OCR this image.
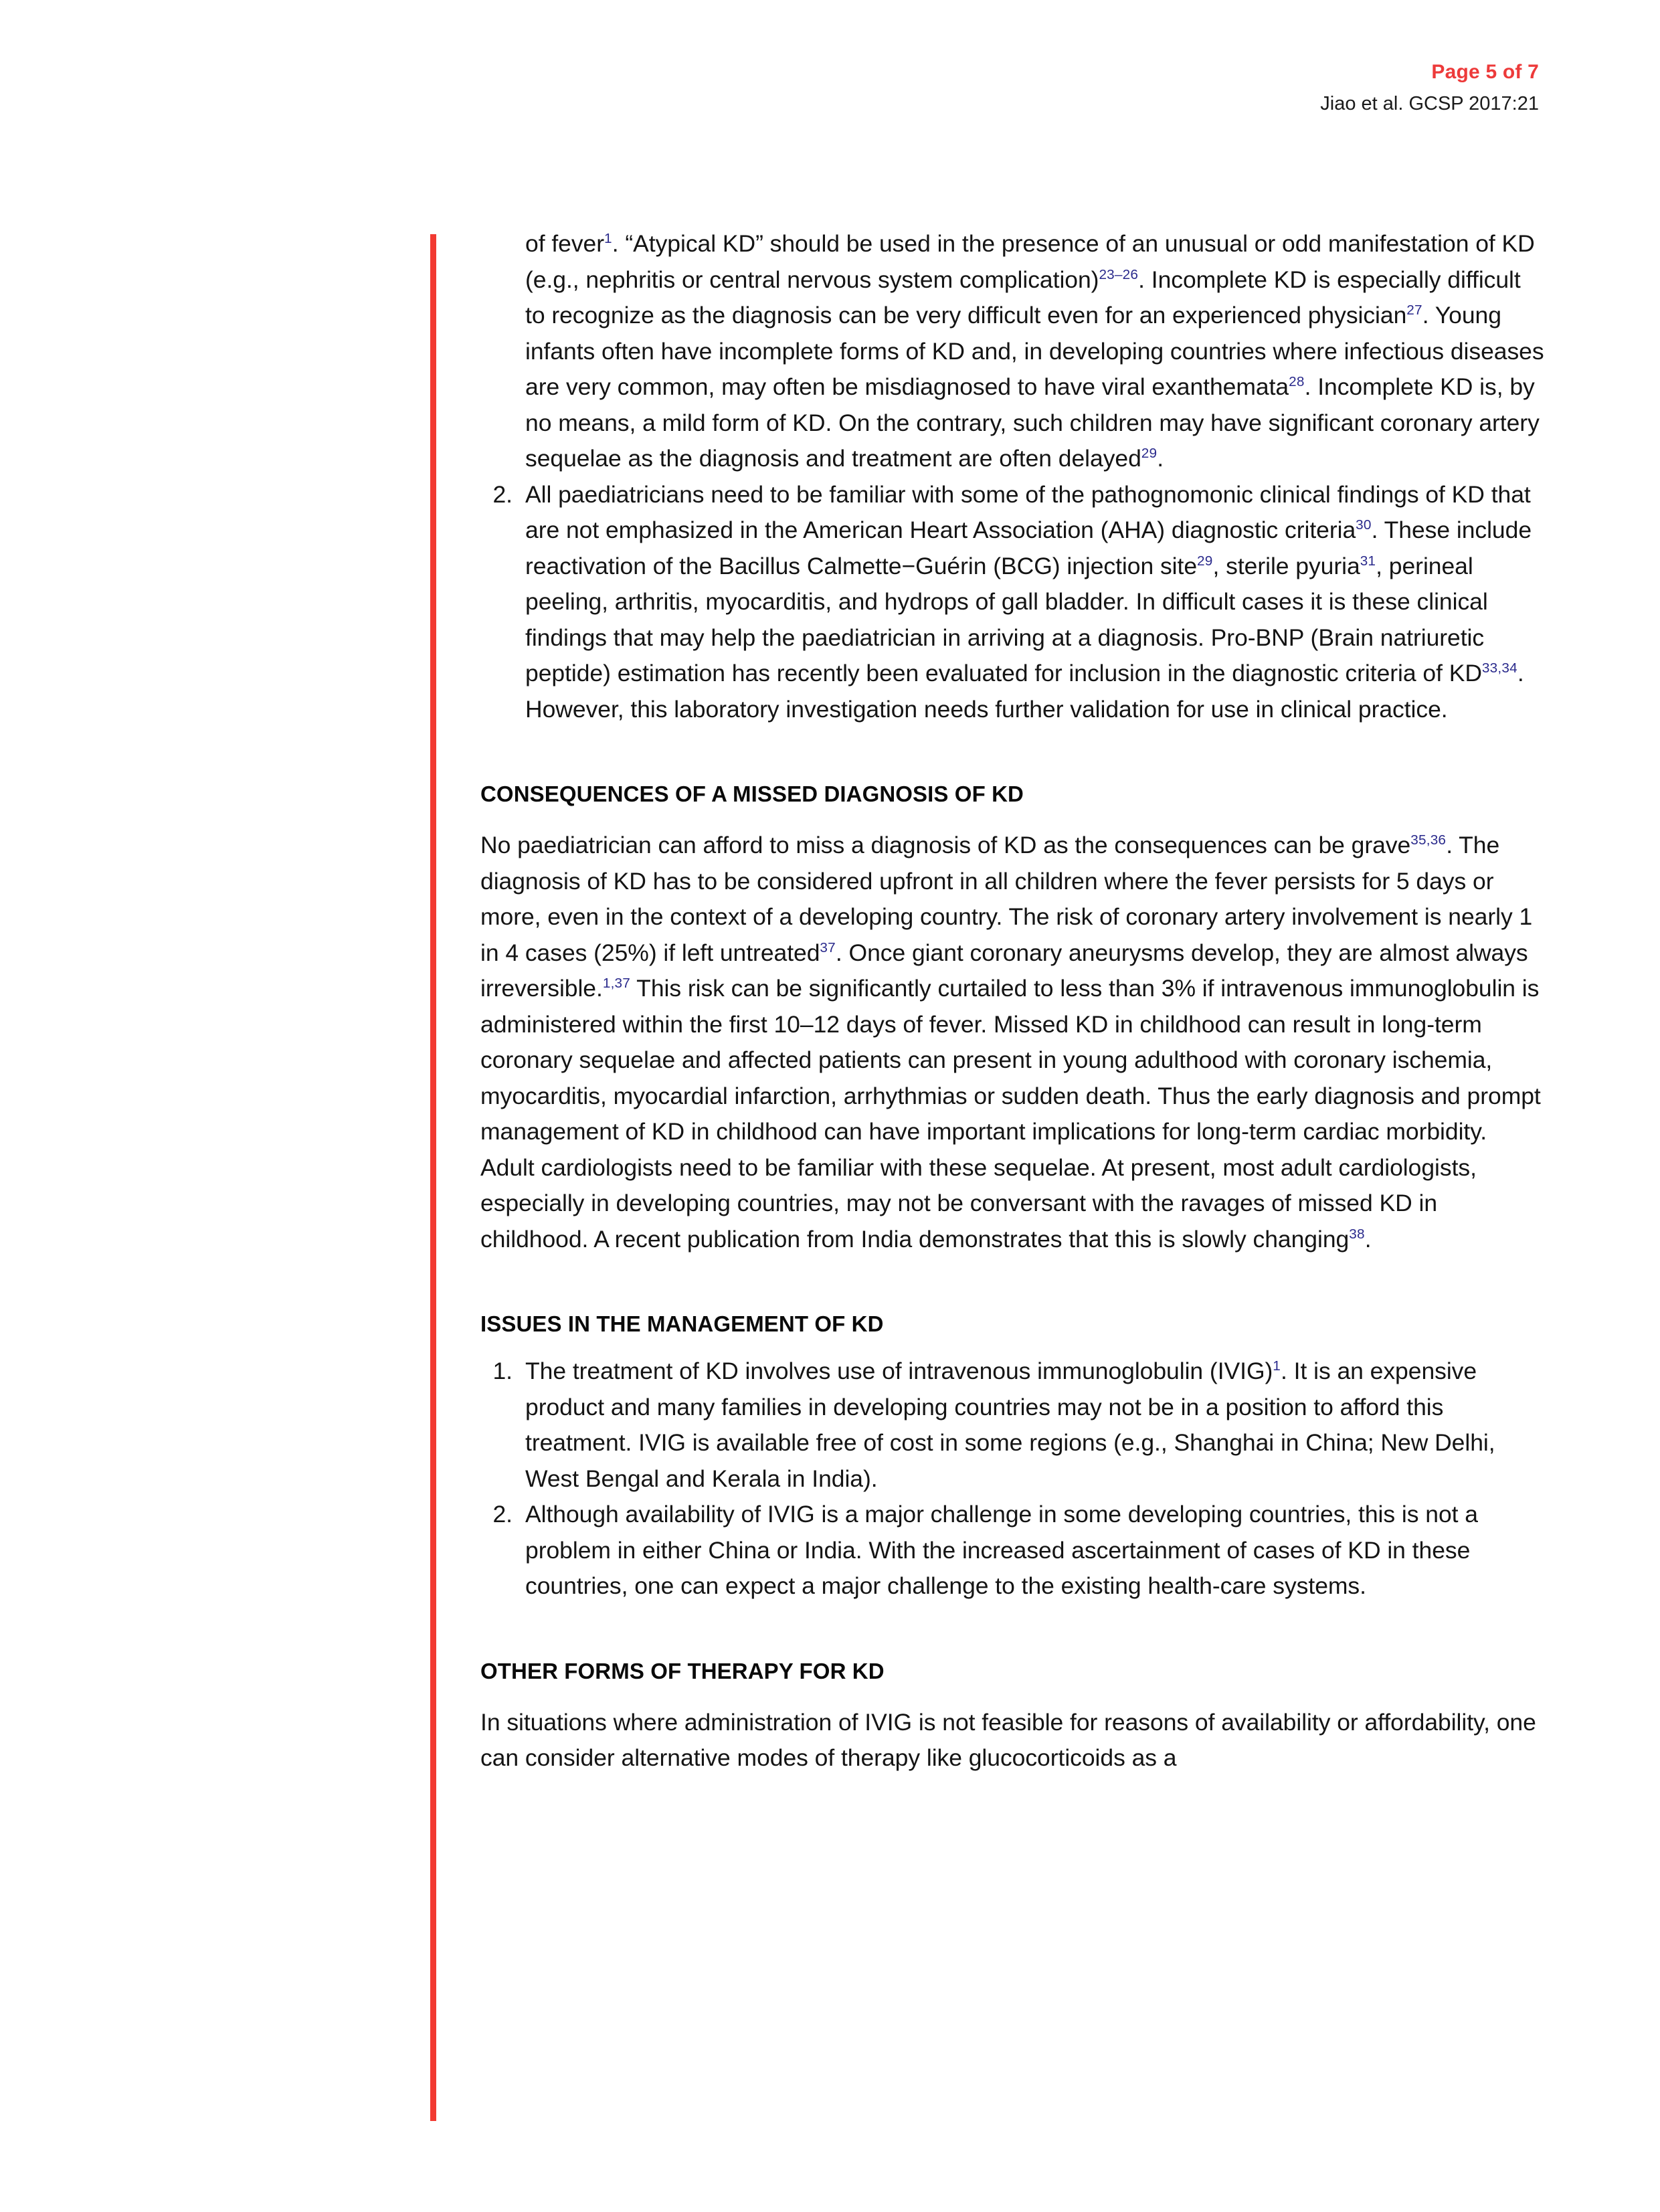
Page 5 of 7
Jiao et al. GCSP 2017:21

of fever$^1$. “Atypical KD” should be used in the presence of an unusual or odd manifestation of KD (e.g., nephritis or central nervous system complication)$^{23-26}$. Incomplete KD is especially difficult to recognize as the diagnosis can be very difficult even for an experienced physician$^{27}$. Young infants often have incomplete forms of KD and, in developing countries where infectious diseases are very common, may often be misdiagnosed to have viral exanthemata$^{28}$. Incomplete KD is, by no means, a mild form of KD. On the contrary, such children may have significant coronary artery sequelae as the diagnosis and treatment are often delayed$^{29}$.

2. All paediatricians need to be familiar with some of the pathognomonic clinical findings of KD that are not emphasized in the American Heart Association (AHA) diagnostic criteria$^{30}$. These include reactivation of the Bacillus Calmette−Guérin (BCG) injection site$^{29}$, sterile pyuria$^{31}$, perineal peeling, arthritis, myocarditis, and hydrops of gall bladder. In difficult cases it is these clinical findings that may help the paediatrician in arriving at a diagnosis. Pro-BNP (Brain natriuretic peptide) estimation has recently been evaluated for inclusion in the diagnostic criteria of KD$^{33,34}$. However, this laboratory investigation needs further validation for use in clinical practice.
CONSEQUENCES OF A MISSED DIAGNOSIS OF KD

No paediatrician can afford to miss a diagnosis of KD as the consequences can be grave$^{35,36}$. The diagnosis of KD has to be considered upfront in all children where the fever persists for 5 days or more, even in the context of a developing country. The risk of coronary artery involvement is nearly 1 in 4 cases (25%) if left untreated$^{37}$. Once giant coronary aneurysms develop, they are almost always irreversible.$^{1,37}$ This risk can be significantly curtailed to less than 3% if intravenous immunoglobulin is administered within the first 10–12 days of fever. Missed KD in childhood can result in long-term coronary sequelae and affected patients can present in young adulthood with coronary ischemia, myocarditis, myocardial infarction, arrhythmias or sudden death. Thus the early diagnosis and prompt management of KD in childhood can have important implications for long-term cardiac morbidity. Adult cardiologists need to be familiar with these sequelae. At present, most adult cardiologists, especially in developing countries, may not be conversant with the ravages of missed KD in childhood. A recent publication from India demonstrates that this is slowly changing$^{38}$.

ISSUES IN THE MANAGEMENT OF KD
1. The treatment of KD involves use of intravenous immunoglobulin (IVIG)$^1$. It is an expensive product and many families in developing countries may not be in a position to afford this treatment. IVIG is available free of cost in some regions (e.g., Shanghai in China; New Delhi, West Bengal and Kerala in India).
2. Although availability of IVIG is a major challenge in some developing countries, this is not a problem in either China or India. With the increased ascertainment of cases of KD in these countries, one can expect a major challenge to the existing health-care systems.
OTHER FORMS OF THERAPY FOR KD

In situations where administration of IVIG is not feasible for reasons of availability or affordability, one can consider alternative modes of therapy like glucocorticoids as a
